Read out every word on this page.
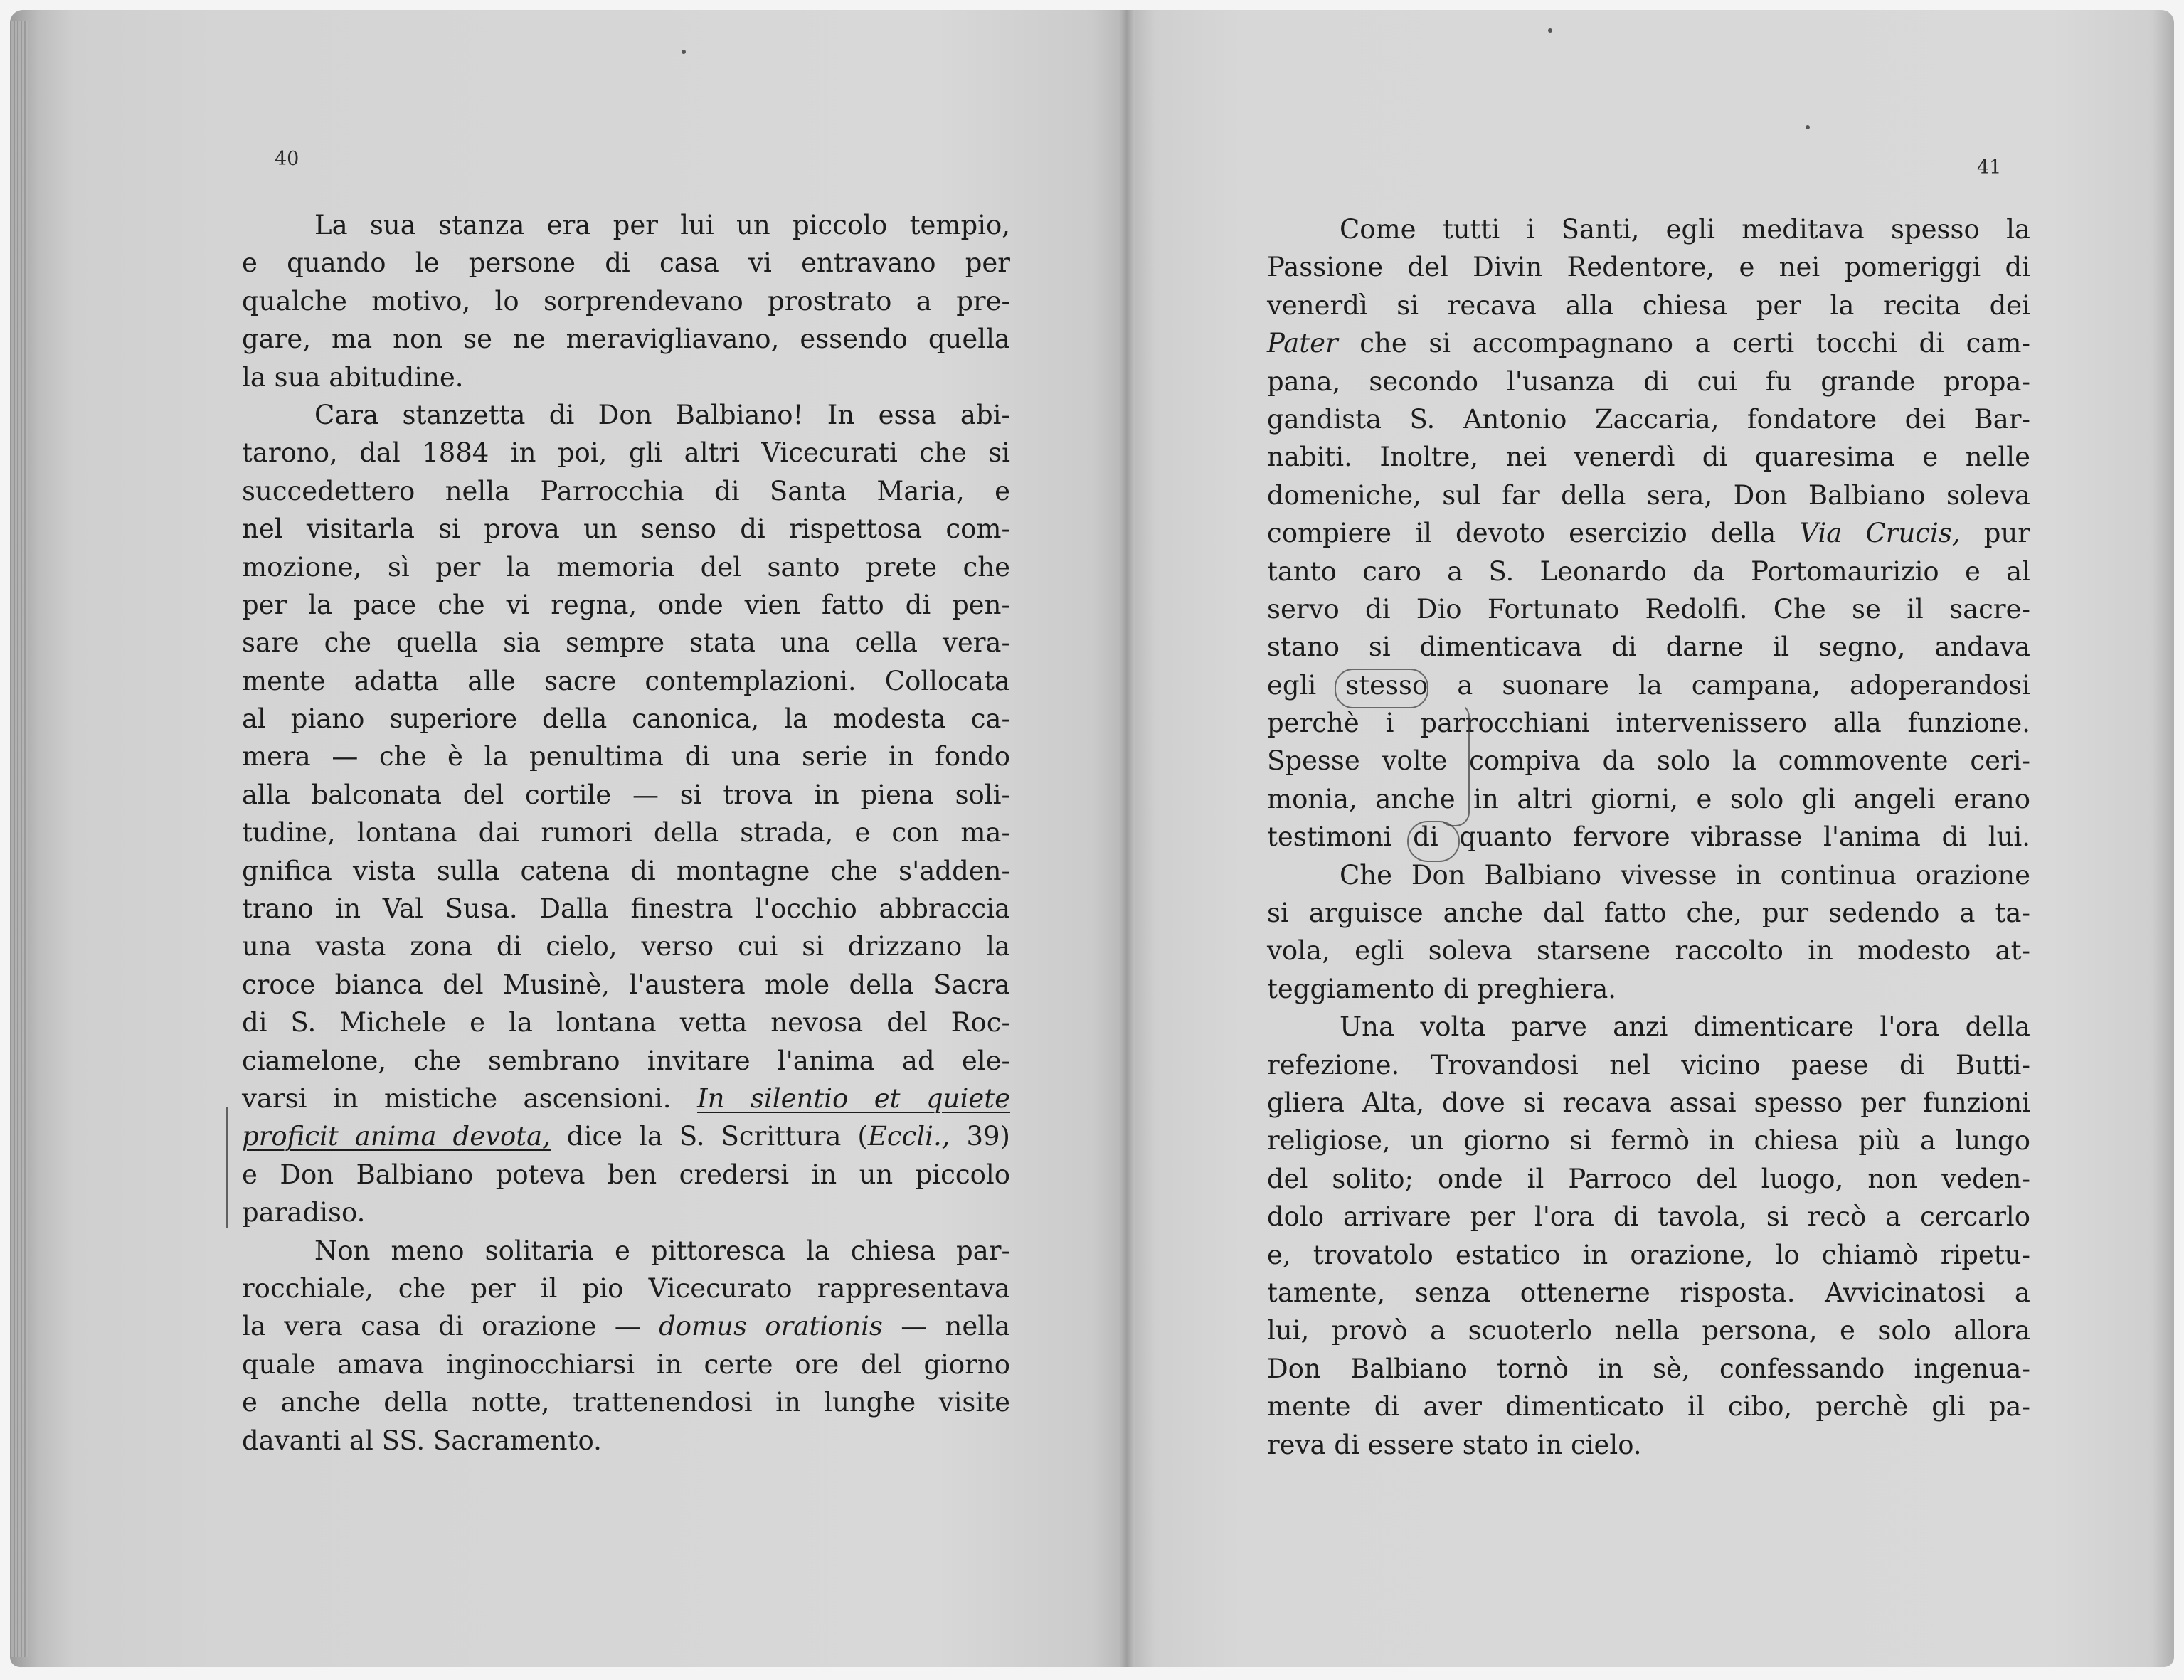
40	41
La sua stanza era per lui un piccolo tempio,
e quando le persone di casa vi entravano per
qualche motivo, lo sorprendevano prostrato a pre-
gare, ma non se ne meravigliavano, essendo quella
la sua abitudine.
Cara stanzetta di Don Balbiano! In essa abi-
tarono, dal 1884 in poi, gli altri Vicecurati che si
succedettero nella Parrocchia di Santa Maria, e
nel visitarla si prova un senso di rispettosa com-
mozione, sì per la memoria del santo prete che
per la pace che vi regna, onde vien fatto di pen-
sare che quella sia sempre stata una cella vera-
mente adatta alle sacre contemplazioni. Collocata
al piano superiore della canonica, la modesta ca-
mera — che è la penultima di una serie in fondo
alla balconata del cortile — si trova in piena soli-
tudine, lontana dai rumori della strada, e con ma-
gnifica vista sulla catena di montagne che s'adden-
trano in Val Susa. Dalla finestra l'occhio abbraccia
una vasta zona di cielo, verso cui si drizzano la
croce bianca del Musinè, l'austera mole della Sacra
di S. Michele e la lontana vetta nevosa del Roc-
ciamelone, che sembrano invitare l'anima ad ele-
varsi in mistiche ascensioni. In silentio et quiete
proficit anima devota, dice la S. Scrittura (Eccli., 39)
e Don Balbiano poteva ben credersi in un piccolo
paradiso.
Non meno solitaria e pittoresca la chiesa par-
rocchiale, che per il pio Vicecurato rappresentava
la vera casa di orazione — domus orationis — nella
quale amava inginocchiarsi in certe ore del giorno
e anche della notte, trattenendosi in lunghe visite
davanti al SS. Sacramento.
Come tutti i Santi, egli meditava spesso la
Passione del Divin Redentore, e nei pomeriggi di
venerdì si recava alla chiesa per la recita dei
Pater che si accompagnano a certi tocchi di cam-
pana, secondo l'usanza di cui fu grande propa-
gandista S. Antonio Zaccaria, fondatore dei Bar-
nabiti. Inoltre, nei venerdì di quaresima e nelle
domeniche, sul far della sera, Don Balbiano soleva
compiere il devoto esercizio della Via Crucis, pur
tanto caro a S. Leonardo da Portomaurizio e al
servo di Dio Fortunato Redolfi. Che se il sacre-
stano si dimenticava di darne il segno, andava
egli stesso a suonare la campana, adoperandosi
perchè i parrocchiani intervenissero alla funzione.
Spesse volte compiva da solo la commovente ceri-
monia, anche in altri giorni, e solo gli angeli erano
testimoni di quanto fervore vibrasse l'anima di lui.
Che Don Balbiano vivesse in continua orazione
si arguisce anche dal fatto che, pur sedendo a ta-
vola, egli soleva starsene raccolto in modesto at-
teggiamento di preghiera.
Una volta parve anzi dimenticare l'ora della
refezione. Trovandosi nel vicino paese di Butti-
gliera Alta, dove si recava assai spesso per funzioni
religiose, un giorno si fermò in chiesa più a lungo
del solito; onde il Parroco del luogo, non veden-
dolo arrivare per l'ora di tavola, si recò a cercarlo
e, trovatolo estatico in orazione, lo chiamò ripetu-
tamente, senza ottenerne risposta. Avvicinatosi a
lui, provò a scuoterlo nella persona, e solo allora
Don Balbiano tornò in sè, confessando ingenua-
mente di aver dimenticato il cibo, perchè gli pa-
reva di essere stato in cielo.
